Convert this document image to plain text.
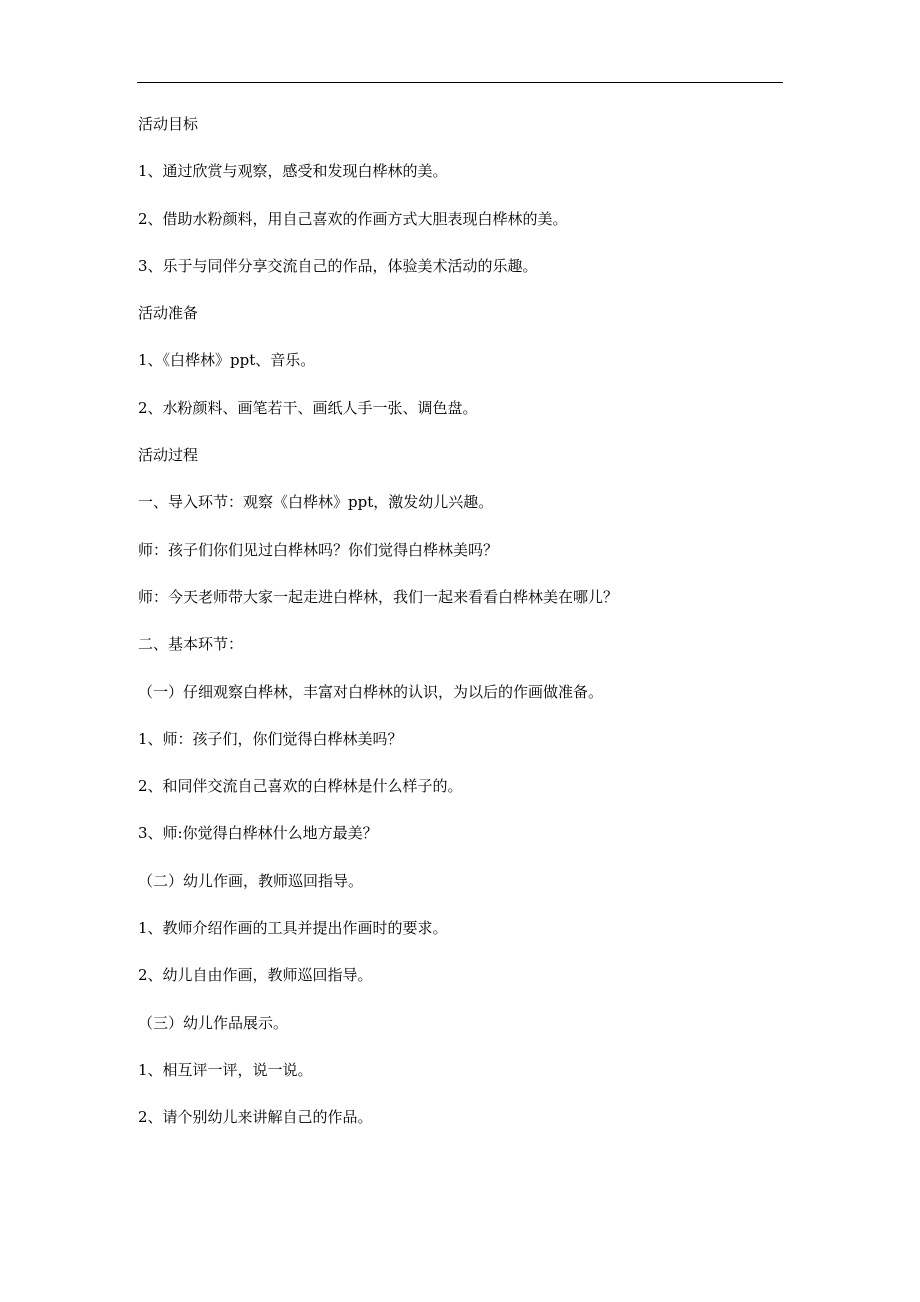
活动目标
1、通过欣赏与观察，感受和发现白桦林的美。
2、借助水粉颜料，用自己喜欢的作画方式大胆表现白桦林的美。
3、乐于与同伴分享交流自己的作品，体验美术活动的乐趣。
活动准备
1、《白桦林》ppt、音乐。
2、水粉颜料、画笔若干、画纸人手一张、调色盘。
活动过程
一、导入环节：观察《白桦林》ppt，激发幼儿兴趣。
师：孩子们你们见过白桦林吗？你们觉得白桦林美吗？
师：今天老师带大家一起走进白桦林，我们一起来看看白桦林美在哪儿？
二、基本环节：
（一）仔细观察白桦林，丰富对白桦林的认识，为以后的作画做准备。
1、师：孩子们，你们觉得白桦林美吗？
2、和同伴交流自己喜欢的白桦林是什么样子的。
3、师:你觉得白桦林什么地方最美？
（二）幼儿作画，教师巡回指导。
1、教师介绍作画的工具并提出作画时的要求。
2、幼儿自由作画，教师巡回指导。
（三）幼儿作品展示。
1、相互评一评，说一说。
2、请个别幼儿来讲解自己的作品。
